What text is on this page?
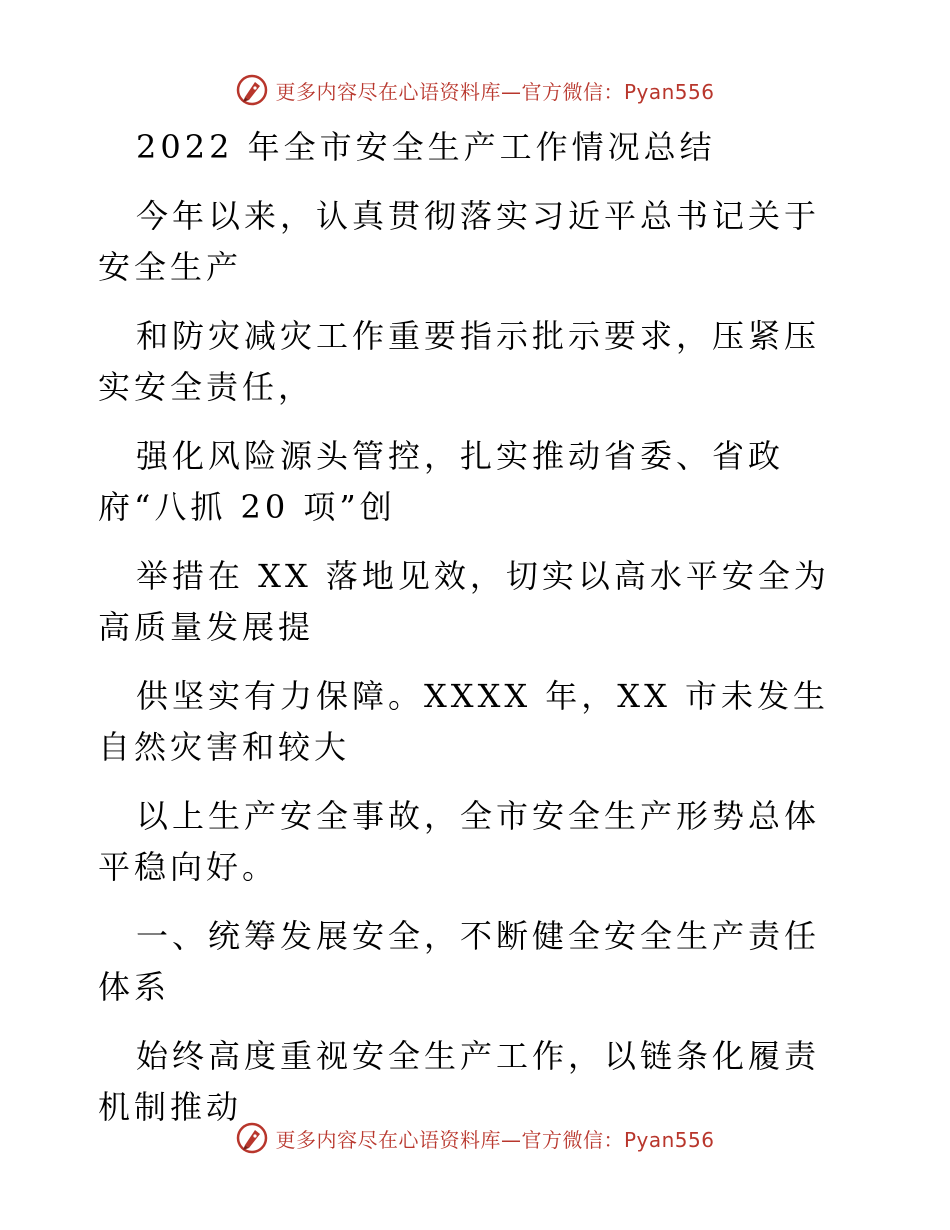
更多内容尽在心语资料库—官方微信：Pyan556

2022 年全市安全生产工作情况总结

今年以来，认真贯彻落实习近平总书记关于安全生产

和防灾减灾工作重要指示批示要求，压紧压实安全责任，

强化风险源头管控，扎实推动省委、省政府“八抓 20 项”创

举措在 XX 落地见效，切实以高水平安全为高质量发展提

供坚实有力保障。XXXX 年，XX 市未发生自然灾害和较大

以上生产安全事故，全市安全生产形势总体平稳向好。

一、统筹发展安全，不断健全安全生产责任体系

始终高度重视安全生产工作，以链条化履责机制推动

更多内容尽在心语资料库—官方微信：Pyan556
